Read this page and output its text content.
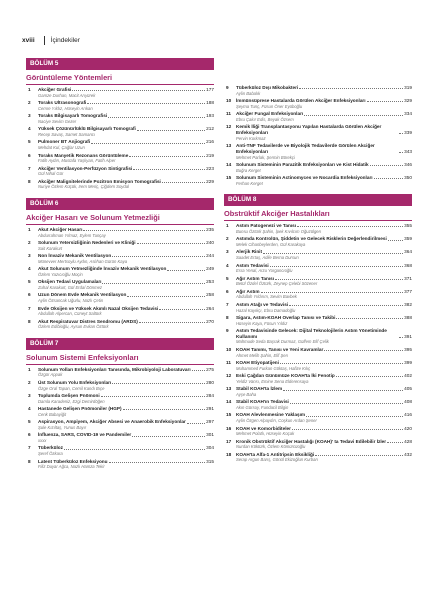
xviii İçindekiler
BÖLÜM 5
Görüntüleme Yöntemleri
1	Akciğer Grafisi	177
Gamze Durhan, Macit Arıyürek
2	Toraks Ultrasonografi	188
Cemre Yıldız, Hüseyin Arıkan
3	Toraks Bilgisayarlı Tomografisi	193
Naciye Sevim Gezer
4	Yüksek Çözünürlüklü Bilgisayarlı Tomografi	212
Recep Savaş, Samet Samancı
5	Pulmoner BT Anjiografi	216
Mehdat Kul, Çağlar Uzun
6	Toraks Manyetik Rezonans Görüntüleme	219
Fatih Aydın, Mustafa Yaşlıyan, Fatih Alper
7	Akciğer Ventilasyon-Perfüzyon Sintigrafisi	223
Gül Nihal Gür
8	Akciğer Malignitelerinde Pozitron Emisyon Tomografisi	229
Nuriye Özlem Küçük, Irem Meriç, Çiğdem Soydal
BÖLÜM 6
Akciğer Hasarı ve Solunum Yetmezliği
1	Akut Akciğer Hasarı	235
Abdurrahman Yılmaz, Eylem Tunçay
2	Solunum Yetersizliğinin Nedenleri ve Kliniği	240
Sait Karakurt
3	Non İnvaziv Mekanik Ventilasyon	244
Münevver Mertsoylu Aydın, Aslıhan Gürün Kaya
4	Akut Solunum Yetmezliğinde İnvaziv Mekanik Ventilasyon	249
Özlem Yazıcıoğlu Moçin
5	Oksijen Tedavi Uygulamaları	253
Zuhal Karakurt, Gül Erdal Dönmez
6	Uzun Dönem Evde Mekanik Ventilasyon	258
Aylin Özsancak Uğurlu, Nazlı Çetin
7	Evde Oksijen ve Yüksek Akımlı Nazal Oksijen Tedavisi	264
Abdullah Alpercan, Cüneyt Saltürk
8	Akut Respiratuvar Distres Sendromu (ARDS)	270
Özlem Edibioğlu, Aysun Evkan Öztürk
BÖLÜM 7
Solunum Sistemi Enfeksiyonları
1	Solunum Yolları Enfeksiyonları Tanısında, Mikrobiyoloji Laboratuvarı	275
Özgür Appak
2	Üst Solunum Yolu Enfeksiyonları	280
Özge Oral Tapan, Cemil Kandı Bıçe
3	Toplumda Gelişen Pnömoni	284
Damla Karadeniz, Ezgi Demirdöğen
4	Hastanede Gelişen Pnömoniler (HGP)	291
Cenk Babayiğit
5	Aspirasyon, Ampiyem, Akciğer Absesi ve Anaerobik Enfeksiyonlar	297
Şule Kızıltaş, Yunus Bayır
6	İnfluenza, SARS, COVID-19 ve Pandemiler	301
xxxx
7	Tüberküloz	304
Şeref Özkara
8	Latent Tüberküloz Enfeksiyonu	315
Filiz Duyar Ağca, Nazlı Hamza Tekir
9	Tüberküloz Dışı Mikobakteri	319
Aylin Babalık
10	İmmünsüprese Hastalarda Görülen Akciğer Enfeksiyonları	329
Şeyma Tunç, Füsun Öner Eyüboğlu
11	Akciğer Fungal Enfeksiyonları	334
Ebru Çakır Edis, Beyak Özsem
12	Kemik İliği Transplantasyonu Yapılan Hastalarda Görülen Akciğer Enfeksiyonları	339
Pervin Korkmaz
13	Anti-TNF Tedavilerde ve Biyolojik Tedavilerde Görülen Akciğer Enfeksiyonları	343
Mehmet Parlak, Şermin Börekçi
14	Solunum Sisteminin Parazitik Enfeksiyonları ve Kist Hidatik	346
Buğra Kerget
15	Solunum Sisteminin Actinomyces ve Nocardia Enfeksiyonları	350
Ferhan Kerget
BÖLÜM 8
Obstrüktif Akciğer Hastalıkları
1	Astım Patogenezi ve Tanısı	355
Bunsu Öztürk Şahin, İpek Kıvılcım Oğuzülgen
2	Astımda Kontrolün, Şiddetin ve Gelecek Risklerin Değerlendirilmesi	359
Melek Cihanbeylerden, Gül Karakaya
3	Alerjik Rinit	364
Saadet Ertaş, Adile Berna Dursun
4	Astım Tedavisi	368
Esra Yenal, Arzu Yorgancıoğlu
5	Ağır Astım Tanısı	371
Betül Özdel Öztürk, Zeynep Çelebi Sözener
6	Ağır Astım	377
Abdullah Yıldırım, Sevim Bavbek
7	Astım Atağı ve Tedavisi	382
Hazal Kayıkçı, Ebru Damadoğlu
8	Sigara, Astım-KOAH Overlap Tanısı ve Takibi	388
Hüseyin Kaya, Füsun Yıldız
9	Astım Tedavisinde Gelecek: Dijital Teknolojilerin Astım Yönetiminde Kullanımı	391
Mahmude Seda Başrak Durmaz, Gülfem Elif Çelik
10	KOAH Tanımı, Tanısı ve Yeni Kavramlar	395
Ahmet Melih Şahin, Elif Şen
11	KOAH Etiyopatijeni	399
Muhammed Furkan Göktaş, Hafize Kılıç
12	Eski Çağdan Günümüze KOAH'ta İki Fenotip	402
Yeldiz Vansı, Emine Sena Elderensaya
13	Stabil KOAH'ta İzlem	405
Ayşe Baha
14	Stabil KOAH'ın Tedavisi	408
Akın Gürsoy, Fundacil Bilgin
15	KOAH Alevlenmesine Yaklaşım	416
Aylin Özgen Alpaydın, Coşkun Ardan Şener
16	KOAH ve Komorbiditeler	420
Mehmet Polatlı, Hüseyin Koçak
17	Kronik Obstrüktif Akciğer Hastalığı (KOAH)' ta Tedavi Edilebilir İzler	428
Nurdan Köktürk, Özlem Kömürcüoğlu
18	KOAH'ta Alfa-1 Antitripsin Eksikliği	432
Serap Argun Barış, Gönül Ekizoğlun Kurban
